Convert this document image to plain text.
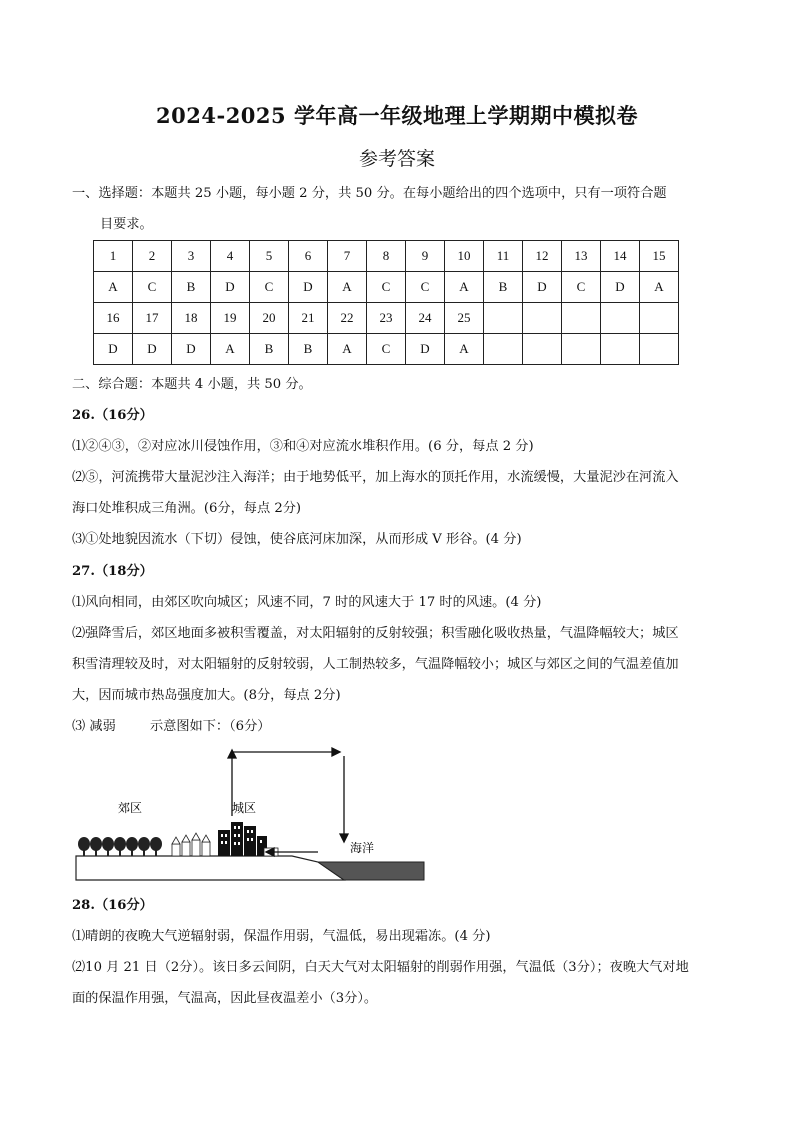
2024-2025 学年高一年级地理上学期期中模拟卷
参考答案
一、选择题：本题共 25 小题，每小题 2 分，共 50 分。在每小题给出的四个选项中，只有一项符合题
目要求。
1	2	3	4	5	6	7	8	9	10	11	12	13	14	15
A	C	B	D	C	D	A	C	C	A	B	D	C	D	A
16	17	18	19	20	21	22	23	24	25					
D	D	D	A	B	B	A	C	D	A					
二、综合题：本题共 4 小题，共 50 分。
26.（16分）
⑴②④③，②对应冰川侵蚀作用，③和④对应流水堆积作用。(6 分，每点 2 分)
⑵⑤，河流携带大量泥沙注入海洋；由于地势低平，加上海水的顶托作用，水流缓慢，大量泥沙在河流入
海口处堆积成三角洲。(6分，每点 2分)
⑶①处地貌因流水（下切）侵蚀，使谷底河床加深，从而形成 V 形谷。(4 分)
27.（18分）
⑴风向相同，由郊区吹向城区；风速不同，7 时的风速大于 17 时的风速。(4 分)
⑵强降雪后，郊区地面多被积雪覆盖，对太阳辐射的反射较强；积雪融化吸收热量，气温降幅较大；城区
积雪清理较及时，对太阳辐射的反射较弱，人工制热较多，气温降幅较小；城区与郊区之间的气温差值加
大，因而城市热岛强度加大。(8分，每点 2分)
⑶ 减弱	示意图如下：（6分）
郊区	城区
海洋
28.（16分）
⑴晴朗的夜晚大气逆辐射弱，保温作用弱，气温低，易出现霜冻。(4 分)
⑵10 月 21 日（2分）。该日多云间阴，白天大气对太阳辐射的削弱作用强，气温低（3分）；夜晚大气对地
面的保温作用强，气温高，因此昼夜温差小（3分）。
